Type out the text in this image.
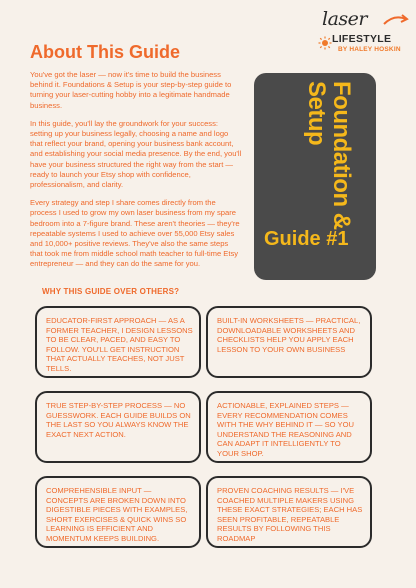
laser
LIFESTYLE
BY HALEY HOSKIN
About This Guide

You've got the laser — now it's time to build the business behind it. Foundations & Setup is your step-by-step guide to turning your laser-cutting hobby into a legitimate handmade business.

In this guide, you'll lay the groundwork for your success: setting up your business legally, choosing a name and logo that reflect your brand, opening your business bank account, and establishing your social media presence. By the end, you'll have your business structured the right way from the start — ready to launch your Etsy shop with confidence, professionalism, and clarity.

Every strategy and step I share comes directly from the process I used to grow my own laser business from my spare bedroom into a 7-figure brand. These aren't theories — they're repeatable systems I used to achieve over 55,000 Etsy sales and 10,000+ positive reviews. They've also the same steps that took me from middle school math teacher to full-time Etsy entrepreneur — and they can do the same for you.

Foundation & Setup
Guide #1
WHY THIS GUIDE OVER OTHERS?
EDUCATOR-FIRST APPROACH — AS A FORMER TEACHER, I DESIGN LESSONS TO BE CLEAR, PACED, AND EASY TO FOLLOW. YOU'LL GET INSTRUCTION THAT ACTUALLY TEACHES, NOT JUST TELLS.
BUILT-IN WORKSHEETS — PRACTICAL, DOWNLOADABLE WORKSHEETS AND CHECKLISTS HELP YOU APPLY EACH LESSON TO YOUR OWN BUSINESS
TRUE STEP-BY-STEP PROCESS — NO GUESSWORK. EACH GUIDE BUILDS ON THE LAST SO YOU ALWAYS KNOW THE EXACT NEXT ACTION.
ACTIONABLE, EXPLAINED STEPS — EVERY RECOMMENDATION COMES WITH THE WHY BEHIND IT — SO YOU UNDERSTAND THE REASONING AND CAN ADAPT IT INTELLIGENTLY TO YOUR SHOP.
COMPREHENSIBLE INPUT — CONCEPTS ARE BROKEN DOWN INTO DIGESTIBLE PIECES WITH EXAMPLES, SHORT EXERCISES & QUICK WINS SO LEARNING IS EFFICIENT AND MOMENTUM KEEPS BUILDING.
PROVEN COACHING RESULTS — I'VE COACHED MULTIPLE MAKERS USING THESE EXACT STRATEGIES; EACH HAS SEEN PROFITABLE, REPEATABLE RESULTS BY FOLLOWING THIS ROADMAP
